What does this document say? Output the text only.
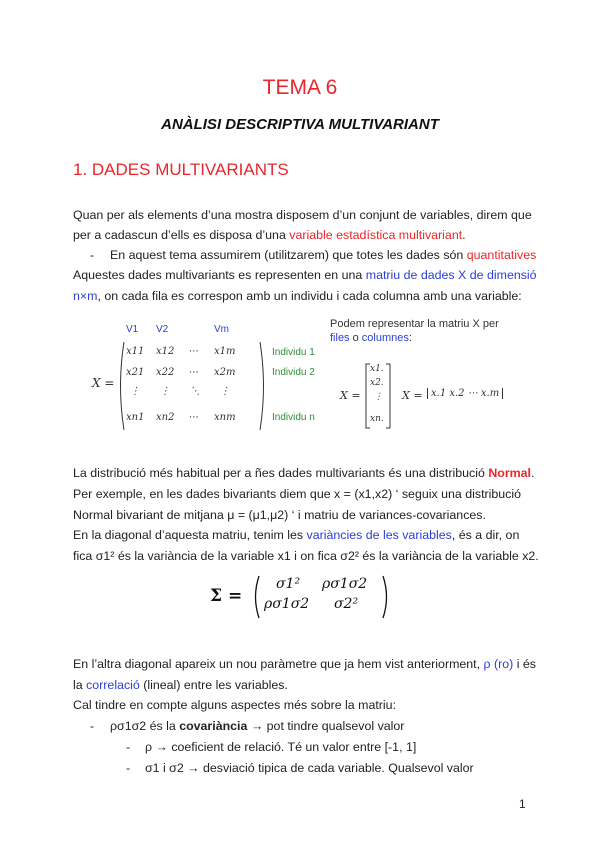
TEMA 6
ANÀLISI DESCRIPTIVA MULTIVARIANT
1. DADES MULTIVARIANTS
Quan per als elements d’una mostra disposem d’un conjunt de variables, direm que
per a cadascun d’ells es disposa d’una variable estadística multivariant.
- En aquest tema assumirem (utilitzarem) que totes les dades són quantitatives
Aquestes dades multivariants es representen en una matriu de dades X de dimensió
n×m, on cada fila es correspon amb un individu i cada columna amb una variable:
V1 V2	Vm
X =
x11 x12 ⋯ x1m
x21 x22 ⋯ x2m
⋮ ⋮ ⋱ ⋮
xn1 xn2 ⋯ xnm
Individu 1
Individu 2
Individu n
Podem representar la matriu X per
files o columnes:
X =
x1.
x2.
⋮
xn.
X = x.1 x.2 ⋯ x.m
La distribució més habitual per a ñes dades multivariants és una distribució Normal.
Per exemple, en les dades bivariants diem que x = (x1,x2) ‘ seguix una distribució
Normal bivariant de mitjana μ = (μ1,μ2) ‘ i matriu de variances-covariances.
En la diagonal d’aquesta matriu, tenim les variàncies de les variables, és a dir, on
fica σ1² és la variància de la variable x1 i on fica σ2² és la variància de la variable x2.
Σ =
σ1² ρσ1σ2
ρσ1σ2 σ2²
En l’altra diagonal apareix un nou paràmetre que ja hem vist anteriorment, ρ (ro) i és
la correlació (lineal) entre les variables.
Cal tindre en compte alguns aspectes més sobre la matriu:
- ρσ1σ2 és la covariància → pot tindre qualsevol valor
- ρ → coeficient de relació. Té un valor entre [-1, 1]
- σ1 i σ2 → desviació tipica de cada variable. Qualsevol valor
1
